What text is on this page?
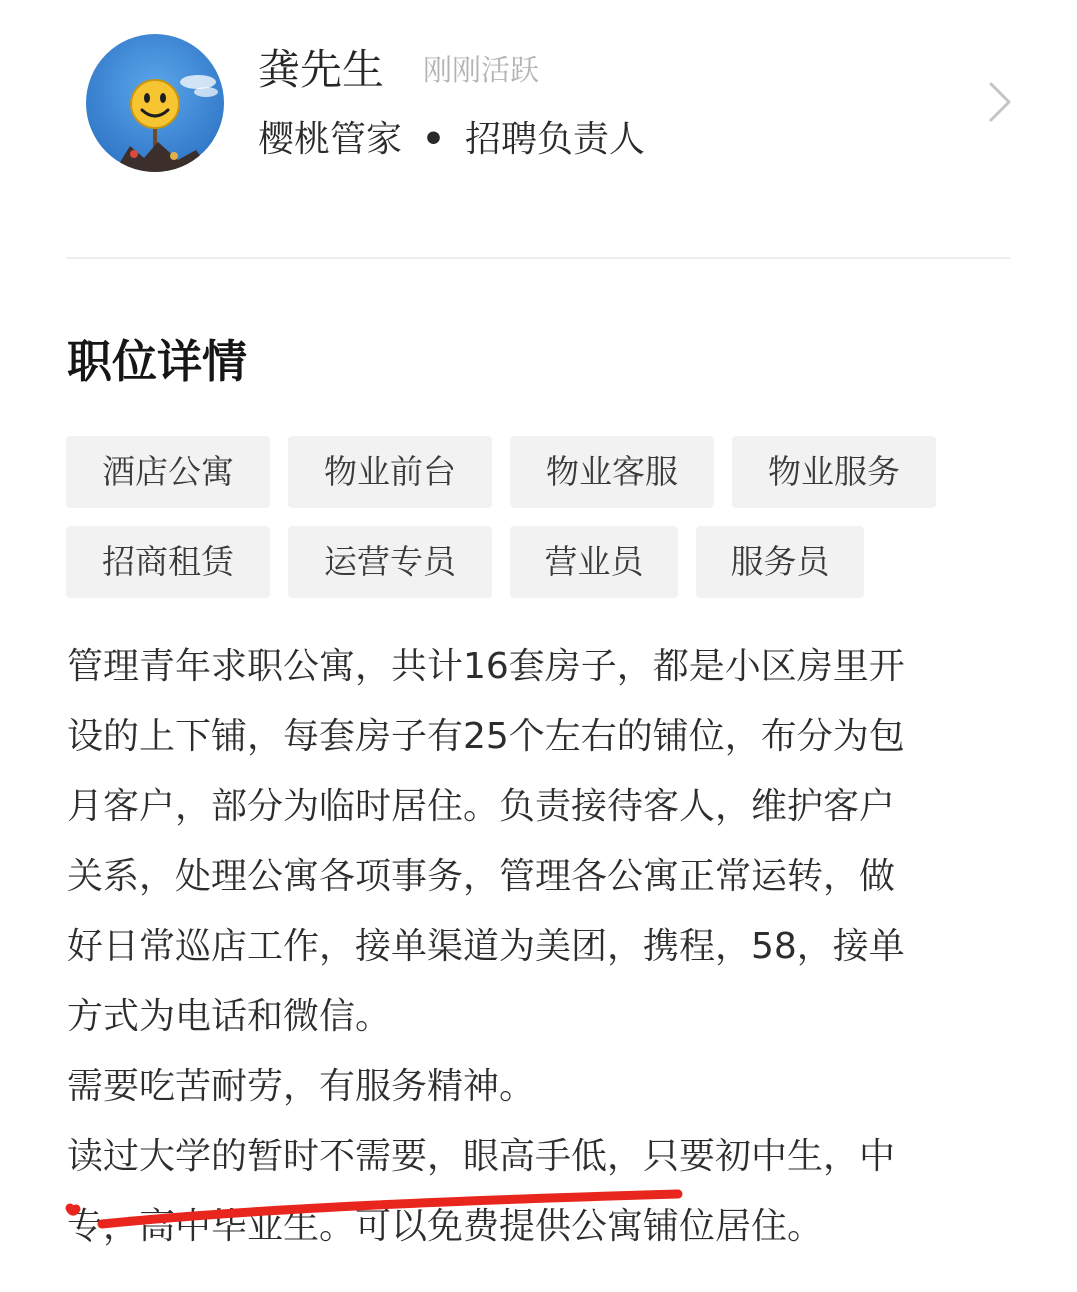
龚先生 刚刚活跃
樱桃管家 • 招聘负责人
职位详情
酒店公寓	物业前台	物业客服	物业服务
招商租赁	运营专员	营业员	服务员
管理青年求职公寓，共计16套房子，都是小区房里开
设的上下铺，每套房子有25个左右的铺位，布分为包
月客户，部分为临时居住。负责接待客人，维护客户
关系，处理公寓各项事务，管理各公寓正常运转，做
好日常巡店工作，接单渠道为美团，携程，58，接单
方式为电话和微信。
需要吃苦耐劳，有服务精神。
读过大学的暂时不需要，眼高手低，只要初中生，中
专，高中毕业生。可以免费提供公寓铺位居住。
